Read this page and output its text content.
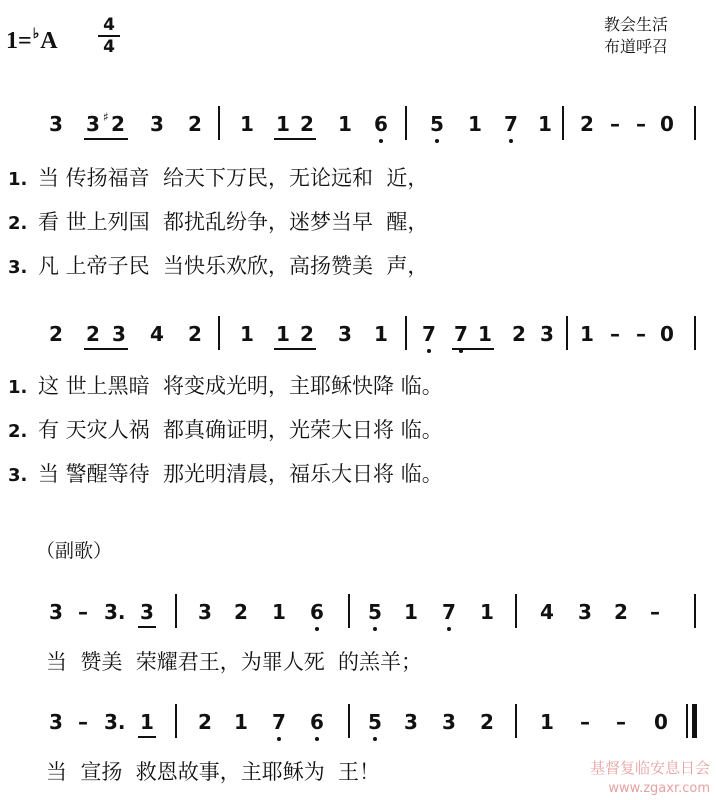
1=♭A
4
4
教会生活
布道呼召
3 3 ♯ 2 3 2 1 1 2 1 6 5 1 7 1 2 – – 0
1. 当 传扬福音  给天下万民，无论远和  近，
2. 看 世上列国  都扰乱纷争，迷梦当早  醒，
3. 凡 上帝子民  当快乐欢欣，高扬赞美  声，
2 2 3 4 2 1 1 2 3 1 7 7 1 2 3 1 – – 0
1. 这 世上黑暗  将变成光明，主耶稣快降 临。
2. 有 天灾人祸  都真确证明，光荣大日将 临。
3. 当 警醒等待  那光明清晨，福乐大日将 临。
（副歌）
3 – 3. 3 3 2 1 6 5 1 7 1 4 3 2 –
当  赞美  荣耀君王，为罪人死  的羔羊；
3 – 3. 1 2 1 7 6 5 3 3 2 1 – – 0
当  宣扬  救恩故事，主耶稣为  王！	基督复临安息日会
www.zgaxr.com
